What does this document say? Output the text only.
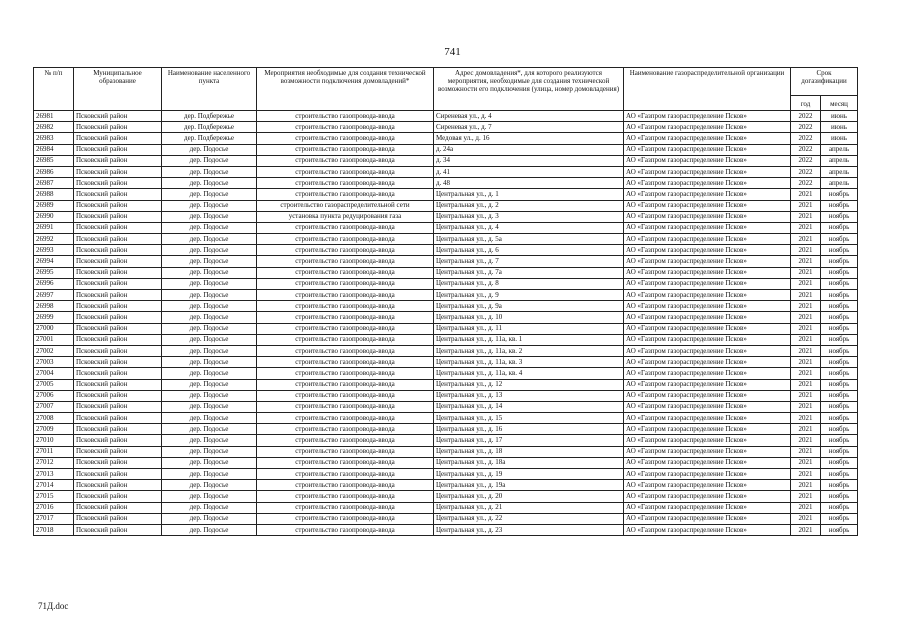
741
№ п/п	Муниципальное образование	Наименование населенного пункта	Мероприятия необходимые для создания технической возможности подключения домовладений*	Адрес домовладения*, для которого реализуются мероприятия, необходимые для создания технической возможности его подключения (улица, номер домовладения)	Наименование газораспределительной организации	Срок догазификации	
						год	месяц
26981	Псковский район	дер. Подбережье	строительство газопровода-ввода	Сиреневая ул., д. 4	АО «Газпром газораспределение Псков»	2022	июнь
26982	Псковский район	дер. Подбережье	строительство газопровода-ввода	Сиреневая ул., д. 7	АО «Газпром газораспределение Псков»	2022	июнь
26983	Псковский район	дер. Подбережье	строительство газопровода-ввода	Медовая ул., д. 16	АО «Газпром газораспределение Псков»	2022	июнь
26984	Псковский район	дер. Подосье	строительство газопровода-ввода	д. 24а	АО «Газпром газораспределение Псков»	2022	апрель
26985	Псковский район	дер. Подосье	строительство газопровода-ввода	д. 34	АО «Газпром газораспределение Псков»	2022	апрель
26986	Псковский район	дер. Подосье	строительство газопровода-ввода	д. 41	АО «Газпром газораспределение Псков»	2022	апрель
26987	Псковский район	дер. Подосье	строительство газопровода-ввода	д. 48	АО «Газпром газораспределение Псков»	2022	апрель
26988	Псковский район	дер. Подосье	строительство газопровода-ввода	Центральная ул., д. 1	АО «Газпром газораспределение Псков»	2021	ноябрь
26989	Псковский район	дер. Подосье	строительство газораспределительной сети	Центральная ул., д. 2	АО «Газпром газораспределение Псков»	2021	ноябрь
26990	Псковский район	дер. Подосье	установка пункта редуцирования газа	Центральная ул., д. 3	АО «Газпром газораспределение Псков»	2021	ноябрь
26991	Псковский район	дер. Подосье	строительство газопровода-ввода	Центральная ул., д. 4	АО «Газпром газораспределение Псков»	2021	ноябрь
26992	Псковский район	дер. Подосье	строительство газопровода-ввода	Центральная ул., д. 5а	АО «Газпром газораспределение Псков»	2021	ноябрь
26993	Псковский район	дер. Подосье	строительство газопровода-ввода	Центральная ул., д. 6	АО «Газпром газораспределение Псков»	2021	ноябрь
26994	Псковский район	дер. Подосье	строительство газопровода-ввода	Центральная ул., д. 7	АО «Газпром газораспределение Псков»	2021	ноябрь
26995	Псковский район	дер. Подосье	строительство газопровода-ввода	Центральная ул., д. 7а	АО «Газпром газораспределение Псков»	2021	ноябрь
26996	Псковский район	дер. Подосье	строительство газопровода-ввода	Центральная ул., д. 8	АО «Газпром газораспределение Псков»	2021	ноябрь
26997	Псковский район	дер. Подосье	строительство газопровода-ввода	Центральная ул., д. 9	АО «Газпром газораспределение Псков»	2021	ноябрь
26998	Псковский район	дер. Подосье	строительство газопровода-ввода	Центральная ул., д. 9а	АО «Газпром газораспределение Псков»	2021	ноябрь
26999	Псковский район	дер. Подосье	строительство газопровода-ввода	Центральная ул., д. 10	АО «Газпром газораспределение Псков»	2021	ноябрь
27000	Псковский район	дер. Подосье	строительство газопровода-ввода	Центральная ул., д. 11	АО «Газпром газораспределение Псков»	2021	ноябрь
27001	Псковский район	дер. Подосье	строительство газопровода-ввода	Центральная ул., д. 11а, кв. 1	АО «Газпром газораспределение Псков»	2021	ноябрь
27002	Псковский район	дер. Подосье	строительство газопровода-ввода	Центральная ул., д. 11а, кв. 2	АО «Газпром газораспределение Псков»	2021	ноябрь
27003	Псковский район	дер. Подосье	строительство газопровода-ввода	Центральная ул., д. 11а, кв. 3	АО «Газпром газораспределение Псков»	2021	ноябрь
27004	Псковский район	дер. Подосье	строительство газопровода-ввода	Центральная ул., д. 11а, кв. 4	АО «Газпром газораспределение Псков»	2021	ноябрь
27005	Псковский район	дер. Подосье	строительство газопровода-ввода	Центральная ул., д. 12	АО «Газпром газораспределение Псков»	2021	ноябрь
27006	Псковский район	дер. Подосье	строительство газопровода-ввода	Центральная ул., д. 13	АО «Газпром газораспределение Псков»	2021	ноябрь
27007	Псковский район	дер. Подосье	строительство газопровода-ввода	Центральная ул., д. 14	АО «Газпром газораспределение Псков»	2021	ноябрь
27008	Псковский район	дер. Подосье	строительство газопровода-ввода	Центральная ул., д. 15	АО «Газпром газораспределение Псков»	2021	ноябрь
27009	Псковский район	дер. Подосье	строительство газопровода-ввода	Центральная ул., д. 16	АО «Газпром газораспределение Псков»	2021	ноябрь
27010	Псковский район	дер. Подосье	строительство газопровода-ввода	Центральная ул., д. 17	АО «Газпром газораспределение Псков»	2021	ноябрь
27011	Псковский район	дер. Подосье	строительство газопровода-ввода	Центральная ул., д. 18	АО «Газпром газораспределение Псков»	2021	ноябрь
27012	Псковский район	дер. Подосье	строительство газопровода-ввода	Центральная ул., д. 18а	АО «Газпром газораспределение Псков»	2021	ноябрь
27013	Псковский район	дер. Подосье	строительство газопровода-ввода	Центральная ул., д. 19	АО «Газпром газораспределение Псков»	2021	ноябрь
27014	Псковский район	дер. Подосье	строительство газопровода-ввода	Центральная ул., д. 19а	АО «Газпром газораспределение Псков»	2021	ноябрь
27015	Псковский район	дер. Подосье	строительство газопровода-ввода	Центральная ул., д. 20	АО «Газпром газораспределение Псков»	2021	ноябрь
27016	Псковский район	дер. Подосье	строительство газопровода-ввода	Центральная ул., д. 21	АО «Газпром газораспределение Псков»	2021	ноябрь
27017	Псковский район	дер. Подосье	строительство газопровода-ввода	Центральная ул., д. 22	АО «Газпром газораспределение Псков»	2021	ноябрь
27018	Псковский район	дер. Подосье	строительство газопровода-ввода	Центральная ул., д. 23	АО «Газпром газораспределение Псков»	2021	ноябрь
71Д.doc
